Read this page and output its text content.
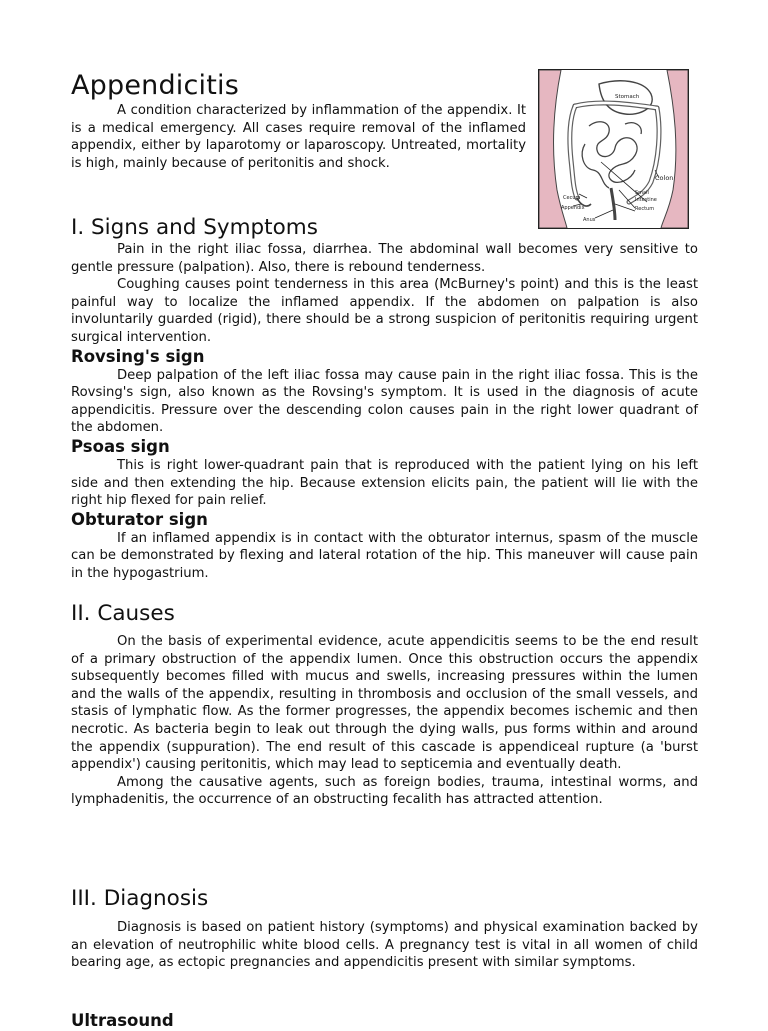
Appendicitis	Stomach
Colon
Cecum
Appendix
Small
Intestine
Rectum
Anus

A condition characterized by inflammation of the appendix. It is a medical emergency. All cases require removal of the inflamed appendix, either by laparotomy or laparoscopy. Untreated, mortality is high, mainly because of peritonitis and shock.

I. Signs and Symptoms

Pain in the right iliac fossa, diarrhea. The abdominal wall becomes very sensitive to gentle pressure (palpation). Also, there is rebound tenderness.

Coughing causes point tenderness in this area (McBurney's point) and this is the least painful way to localize the inflamed appendix. If the abdomen on palpation is also involuntarily guarded (rigid), there should be a strong suspicion of peritonitis requiring urgent surgical intervention.

Rovsing's sign

Deep palpation of the left iliac fossa may cause pain in the right iliac fossa. This is the Rovsing's sign, also known as the Rovsing's symptom. It is used in the diagnosis of acute appendicitis. Pressure over the descending colon causes pain in the right lower quadrant of the abdomen.

Psoas sign

This is right lower-quadrant pain that is reproduced with the patient lying on his left side and then extending the hip. Because extension elicits pain, the patient will lie with the right hip flexed for pain relief.

Obturator sign

If an inflamed appendix is in contact with the obturator internus, spasm of the muscle can be demonstrated by flexing and lateral rotation of the hip. This maneuver will cause pain in the hypogastrium.

II. Causes

On the basis of experimental evidence, acute appendicitis seems to be the end result of a primary obstruction of the appendix lumen. Once this obstruction occurs the appendix subsequently becomes filled with mucus and swells, increasing pressures within the lumen and the walls of the appendix, resulting in thrombosis and occlusion of the small vessels, and stasis of lymphatic flow. As the former progresses, the appendix becomes ischemic and then necrotic. As bacteria begin to leak out through the dying walls, pus forms within and around the appendix (suppuration). The end result of this cascade is appendiceal rupture (a 'burst appendix') causing peritonitis, which may lead to septicemia and eventually death.

Among the causative agents, such as foreign bodies, trauma, intestinal worms, and lymphadenitis, the occurrence of an obstructing fecalith has attracted attention.

III. Diagnosis

Diagnosis is based on patient history (symptoms) and physical examination backed by an elevation of neutrophilic white blood cells. A pregnancy test is vital in all women of child bearing age, as ectopic pregnancies and appendicitis present with similar symptoms.

Ultrasound
